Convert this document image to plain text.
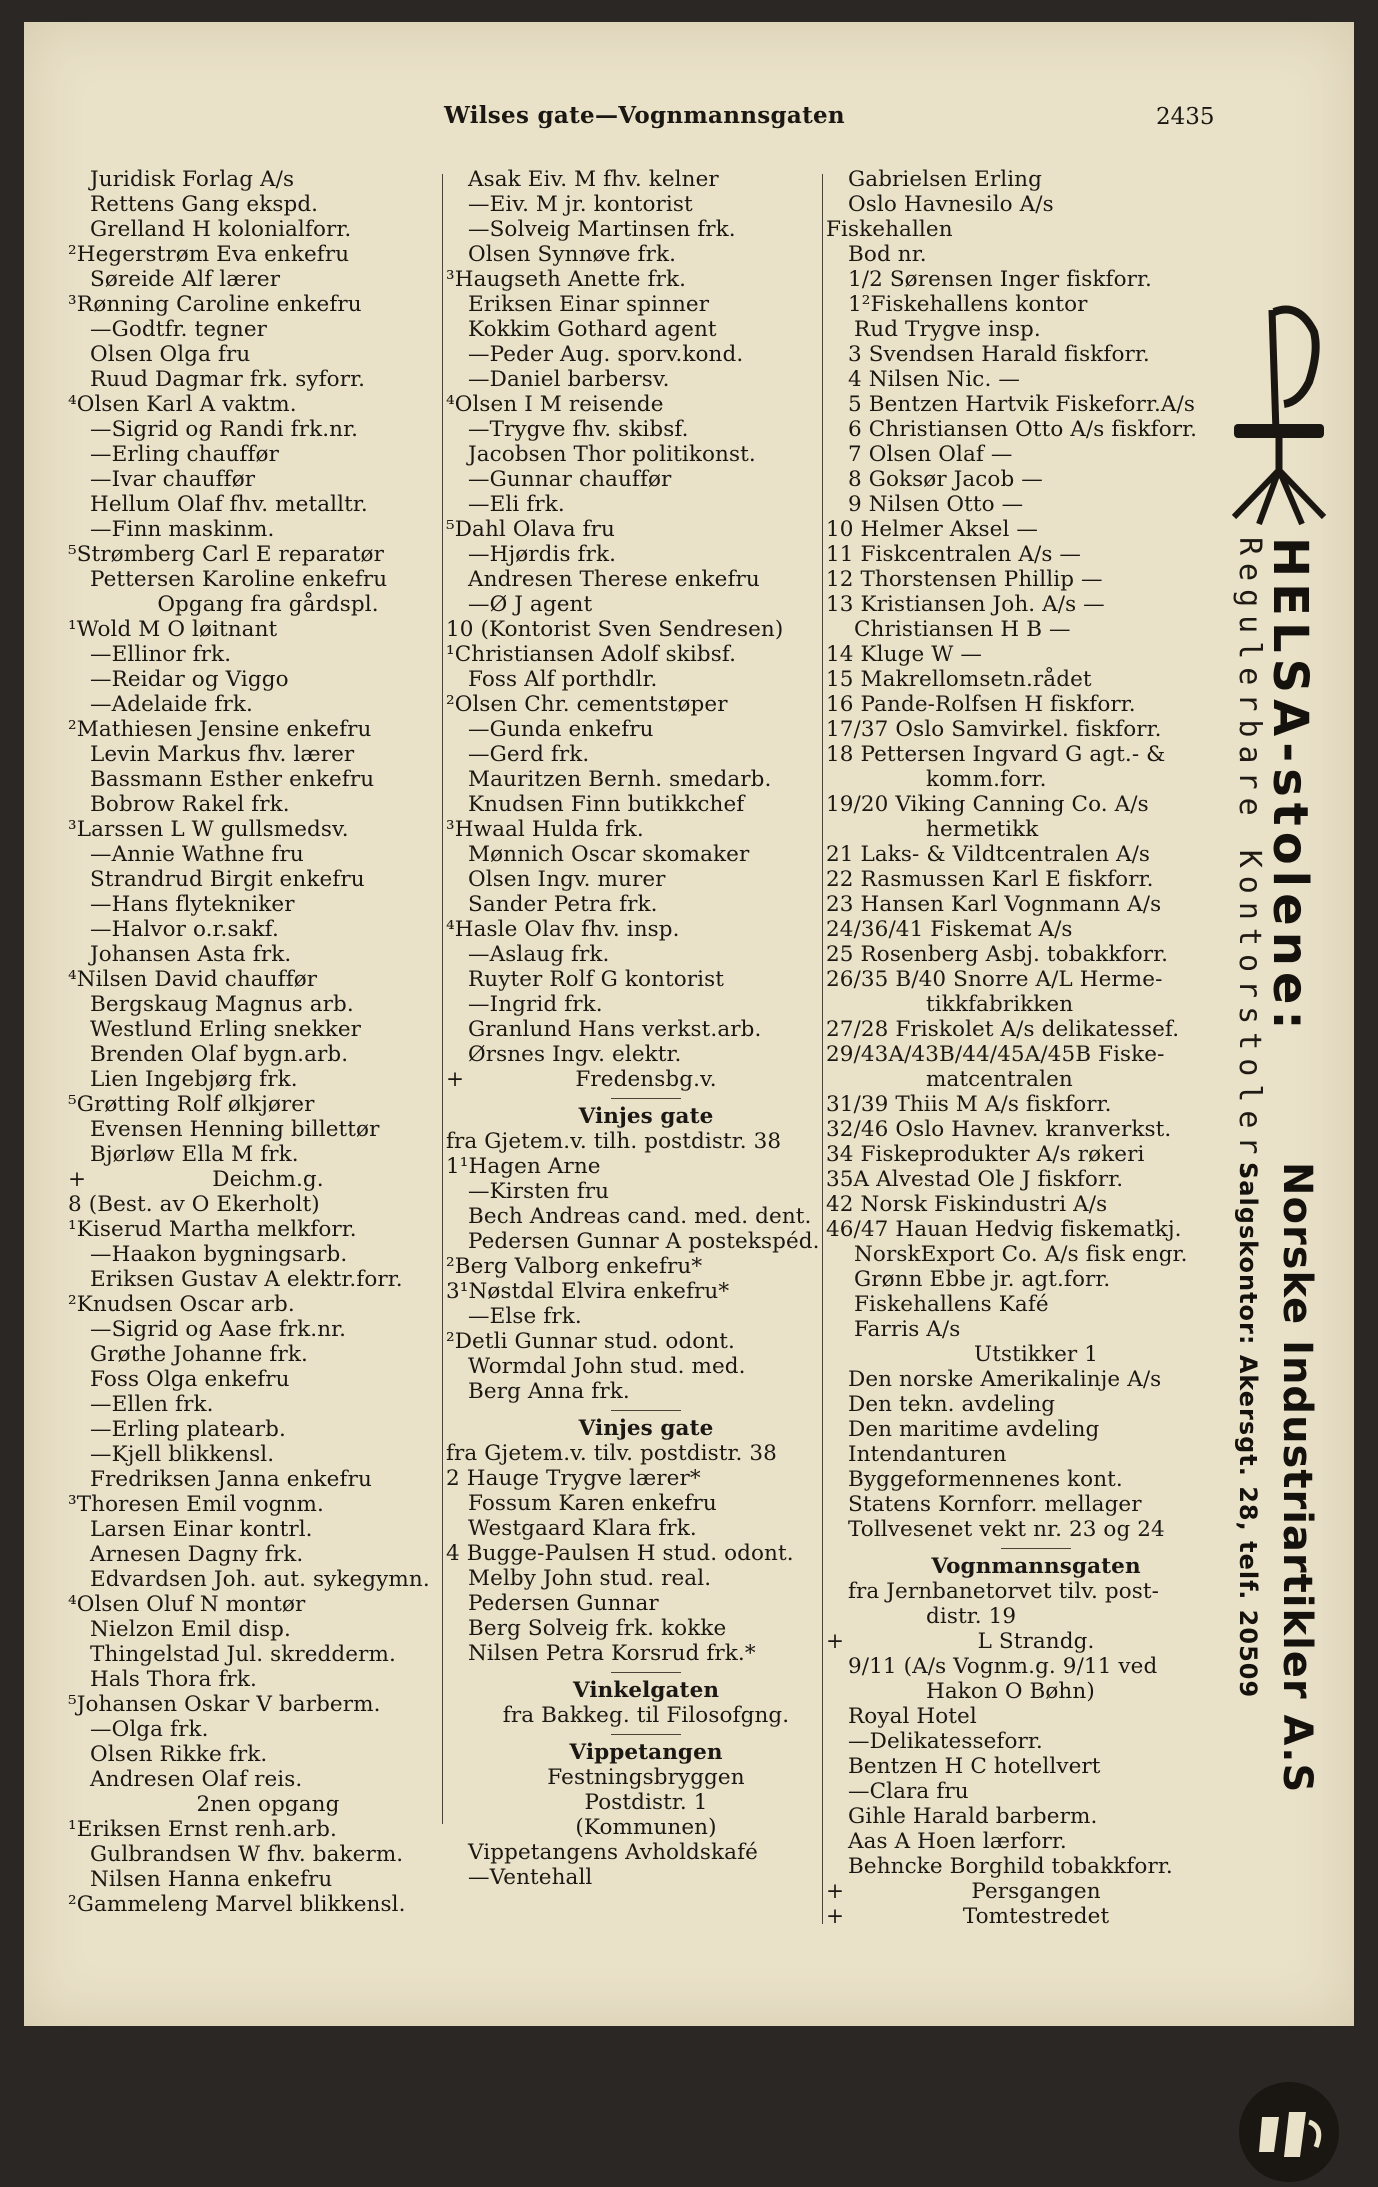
Wilses gate—Vognmannsgaten	2435
Juridisk Forlag A/s
Rettens Gang ekspd.
Grelland H kolonialforr.
²Hegerstrøm Eva enkefru
Søreide Alf lærer
³Rønning Caroline enkefru
—Godtfr. tegner
Olsen Olga fru
Ruud Dagmar frk. syforr.
⁴Olsen Karl A vaktm.
—Sigrid og Randi frk.nr.
—Erling chauffør
—Ivar chauffør
Hellum Olaf fhv. metalltr.
—Finn maskinm.
⁵Strømberg Carl E reparatør
Pettersen Karoline enkefru
Opgang fra gårdspl.
¹Wold M O løitnant
—Ellinor frk.
—Reidar og Viggo
—Adelaide frk.
²Mathiesen Jensine enkefru
Levin Markus fhv. lærer
Bassmann Esther enkefru
Bobrow Rakel frk.
³Larssen L W gullsmedsv.
—Annie Wathne fru
Strandrud Birgit enkefru
—Hans flytekniker
—Halvor o.r.sakf.
Johansen Asta frk.
⁴Nilsen David chauffør
Bergskaug Magnus arb.
Westlund Erling snekker
Brenden Olaf bygn.arb.
Lien Ingebjørg frk.
⁵Grøtting Rolf ølkjører
Evensen Henning billettør
Bjørløw Ella M frk.
+	Deichm.g.
8 (Best. av O Ekerholt)
¹Kiserud Martha melkforr.
—Haakon bygningsarb.
Eriksen Gustav A elektr.forr.
²Knudsen Oscar arb.
—Sigrid og Aase frk.nr.
Grøthe Johanne frk.
Foss Olga enkefru
—Ellen frk.
—Erling platearb.
—Kjell blikkensl.
Fredriksen Janna enkefru
³Thoresen Emil vognm.
Larsen Einar kontrl.
Arnesen Dagny frk.
Edvardsen Joh. aut. sykegymn.
⁴Olsen Oluf N montør
Nielzon Emil disp.
Thingelstad Jul. skredderm.
Hals Thora frk.
⁵Johansen Oskar V barberm.
—Olga frk.
Olsen Rikke frk.
Andresen Olaf reis.
2nen opgang
¹Eriksen Ernst renh.arb.
Gulbrandsen W fhv. bakerm.
Nilsen Hanna enkefru
²Gammeleng Marvel blikkensl.
Asak Eiv. M fhv. kelner
—Eiv. M jr. kontorist
—Solveig Martinsen frk.
Olsen Synnøve frk.
³Haugseth Anette frk.
Eriksen Einar spinner
Kokkim Gothard agent
—Peder Aug. sporv.kond.
—Daniel barbersv.
⁴Olsen I M reisende
—Trygve fhv. skibsf.
Jacobsen Thor politikonst.
—Gunnar chauffør
—Eli frk.
⁵Dahl Olava fru
—Hjørdis frk.
Andresen Therese enkefru
—Ø J agent
10 (Kontorist Sven Sendresen)
¹Christiansen Adolf skibsf.
Foss Alf porthdlr.
²Olsen Chr. cementstøper
—Gunda enkefru
—Gerd frk.
Mauritzen Bernh. smedarb.
Knudsen Finn butikkchef
³Hwaal Hulda frk.
Mønnich Oscar skomaker
Olsen Ingv. murer
Sander Petra frk.
⁴Hasle Olav fhv. insp.
—Aslaug frk.
Ruyter Rolf G kontorist
—Ingrid frk.
Granlund Hans verkst.arb.
Ørsnes Ingv. elektr.
+	Fredensbg.v.
Vinjes gate
fra Gjetem.v. tilh. postdistr. 38
1¹Hagen Arne
—Kirsten fru
Bech Andreas cand. med. dent.
Pedersen Gunnar A postekspéd.
²Berg Valborg enkefru*
3¹Nøstdal Elvira enkefru*
—Else frk.
²Detli Gunnar stud. odont.
Wormdal John stud. med.
Berg Anna frk.
Vinjes gate
fra Gjetem.v. tilv. postdistr. 38
2 Hauge Trygve lærer*
Fossum Karen enkefru
Westgaard Klara frk.
4 Bugge-Paulsen H stud. odont.
Melby John stud. real.
Pedersen Gunnar
Berg Solveig frk. kokke
Nilsen Petra Korsrud frk.*
Vinkelgaten
fra Bakkeg. til Filosofgng.
Vippetangen
Festningsbryggen
Postdistr. 1
(Kommunen)
Vippetangens Avholdskafé
—Ventehall
Gabrielsen Erling
Oslo Havnesilo A/s
Fiskehallen
Bod nr.
1/2 Sørensen Inger fiskforr.
1²Fiskehallens kontor
Rud Trygve insp.
3 Svendsen Harald fiskforr.
4 Nilsen Nic. —
5 Bentzen Hartvik Fiskeforr.A/s
6 Christiansen Otto A/s fiskforr.
7 Olsen Olaf —
8 Goksør Jacob —
9 Nilsen Otto —
10 Helmer Aksel —
11 Fiskcentralen A/s —
12 Thorstensen Phillip —
13 Kristiansen Joh. A/s —
Christiansen H B —
14 Kluge W —
15 Makrellomsetn.rådet
16 Pande-Rolfsen H fiskforr.
17/37 Oslo Samvirkel. fiskforr.
18 Pettersen Ingvard G agt.- &
komm.forr.
19/20 Viking Canning Co. A/s
hermetikk
21 Laks- & Vildtcentralen A/s
22 Rasmussen Karl E fiskforr.
23 Hansen Karl Vognmann A/s
24/36/41 Fiskemat A/s
25 Rosenberg Asbj. tobakkforr.
26/35 B/40 Snorre A/L Herme-
tikkfabrikken
27/28 Friskolet A/s delikatessef.
29/43A/43B/44/45A/45B Fiske-
matcentralen
31/39 Thiis M A/s fiskforr.
32/46 Oslo Havnev. kranverkst.
34 Fiskeprodukter A/s røkeri
35A Alvestad Ole J fiskforr.
42 Norsk Fiskindustri A/s
46/47 Hauan Hedvig fiskematkj.
NorskExport Co. A/s fisk engr.
Grønn Ebbe jr. agt.forr.
Fiskehallens Kafé
Farris A/s
Utstikker 1
Den norske Amerikalinje A/s
Den tekn. avdeling
Den maritime avdeling
Intendanturen
Byggeformennenes kont.
Statens Kornforr. mellager
Tollvesenet vekt nr. 23 og 24
Vognmannsgaten
fra Jernbanetorvet tilv. post-
distr. 19
+	L Strandg.
9/11 (A/s Vognm.g. 9/11 ved
Hakon O Bøhn)
Royal Hotel
—Delikatesseforr.
Bentzen H C hotellvert
—Clara fru
Gihle Harald barberm.
Aas A Hoen lærforr.
Behncke Borghild tobakkforr.
+	Persgangen
+	Tomtestredet
HELSA-stolene:
Regulerbare Kontorstoler.
Norske Industriartikler A.S
Salgskontor: Akersgt. 28, telf. 20509
